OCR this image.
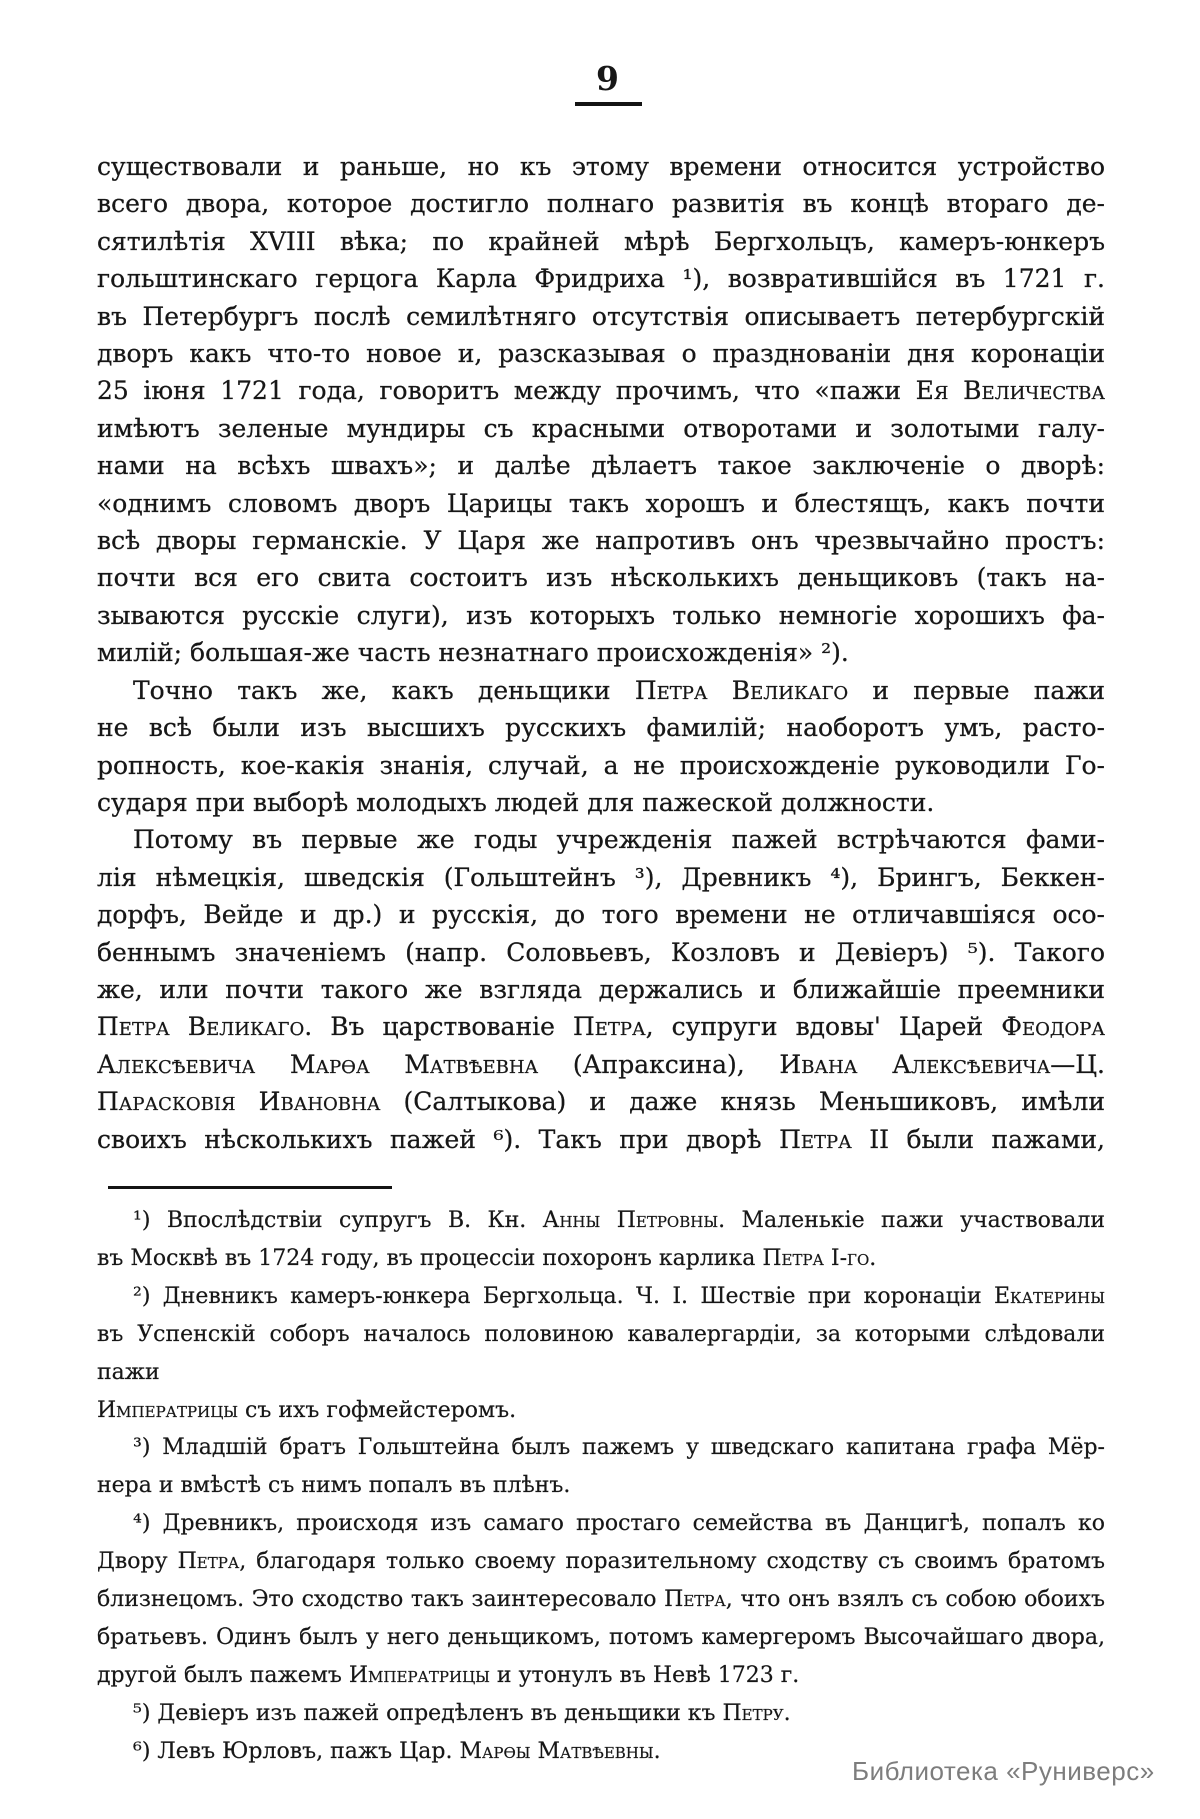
9
существовали и раньше, но къ этому времени относится устройство
всего двора, которое достигло полнаго развитія въ концѣ втораго де-
сятилѣтія XVIII вѣка; по крайней мѣрѣ Бергхольцъ, камеръ-юнкеръ
гольштинскаго герцога Карла Фридриха ¹), возвратившійся въ 1721 г.
въ Петербургъ послѣ семилѣтняго отсутствія описываетъ петербургскій
дворъ какъ что-то новое и, разсказывая о празднованіи дня коронаціи
25 іюня 1721 года, говоритъ между прочимъ, что «пажи Ея Величества
имѣютъ зеленые мундиры съ красными отворотами и золотыми галу-
нами на всѣхъ швахъ»; и далѣе дѣлаетъ такое заключеніе о дворѣ:
«однимъ словомъ дворъ Царицы такъ хорошъ и блестящъ, какъ почти
всѣ дворы германскіе. У Царя же напротивъ онъ чрезвычайно простъ:
почти вся его свита состоитъ изъ нѣсколькихъ деньщиковъ (такъ на-
зываются русскіе слуги), изъ которыхъ только немногіе хорошихъ фа-
милій; большая-же часть незнатнаго происхожденія» ²).
Точно такъ же, какъ деньщики Петра Великаго и первые пажи
не всѣ были изъ высшихъ русскихъ фамилій; наоборотъ умъ, расто-
ропность, кое-какія знанія, случай, а не происхожденіе руководили Го-
сударя при выборѣ молодыхъ людей для пажеской должности.
Потому въ первые же годы учрежденія пажей встрѣчаются фами-
лія нѣмецкія, шведскія (Гольштейнъ ³), Древникъ ⁴), Брингъ, Беккен-
дорфъ, Вейде и др.) и русскія, до того времени не отличавшіяся осо-
беннымъ значеніемъ (напр. Соловьевъ, Козловъ и Девіеръ) ⁵). Такого
же, или почти такого же взгляда держались и ближайшіе преемники
Петра Великаго. Въ царствованіе Петра, супруги вдовы' Царей Феодора
Алексѣевича Марѳа Матвѣевна (Апраксина), Ивана Алексѣевича—Ц.
Парасковія Ивановна (Салтыкова) и даже князь Меньшиковъ, имѣли
своихъ нѣсколькихъ пажей ⁶). Такъ при дворѣ Петра II были пажами,
¹) Впослѣдствіи супругъ В. Кн. Анны Петровны. Маленькіе пажи участвовали
въ Москвѣ въ 1724 году, въ процессіи похоронъ карлика Петра I-го.
²) Дневникъ камеръ-юнкера Бергхольца. Ч. I. Шествіе при коронаціи Екатерины
въ Успенскій соборъ началось половиною кавалергардіи, за которыми слѣдовали пажи
Императрицы съ ихъ гофмейстеромъ.
³) Младшій братъ Гольштейна былъ пажемъ у шведскаго капитана графа Мёр-
нера и вмѣстѣ съ нимъ попалъ въ плѣнъ.
⁴) Древникъ, происходя изъ самаго простаго семейства въ Данцигѣ, попалъ ко
Двору Петра, благодаря только своему поразительному сходству съ своимъ братомъ
близнецомъ. Это сходство такъ заинтересовало Петра, что онъ взялъ съ собою обоихъ
братьевъ. Одинъ былъ у него деньщикомъ, потомъ камергеромъ Высочайшаго двора,
другой былъ пажемъ Императрицы и утонулъ въ Невѣ 1723 г.
⁵) Девіеръ изъ пажей опредѣленъ въ деньщики къ Петру.
⁶) Левъ Юрловъ, пажъ Цар. Марѳы Матвѣевны.
Библиотека «Руниверс»
